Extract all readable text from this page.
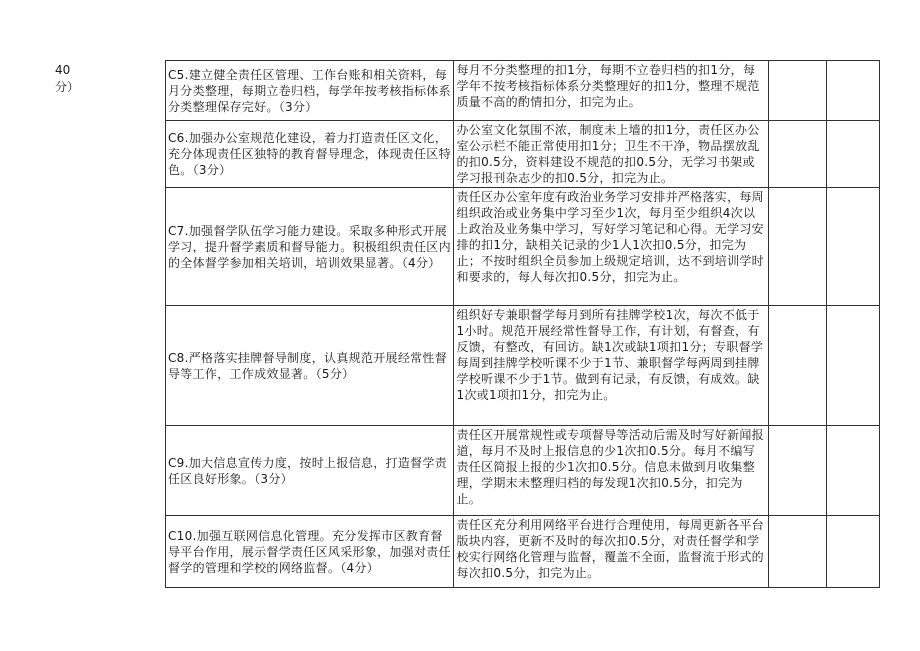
40
分）
C5.建立健全责任区管理、工作台账和相关资料，每月分类整理，每期立卷归档，每学年按考核指标体系分类整理保存完好。（3分）	每月不分类整理的扣1分，每期不立卷归档的扣1分，每学年不按考核指标体系分类整理好的扣1分，整理不规范质量不高的酌情扣分，扣完为止。		
C6.加强办公室规范化建设，着力打造责任区文化，充分体现责任区独特的教育督导理念，体现责任区特色。（3分）	办公室文化氛围不浓，制度未上墙的扣1分，责任区办公室公示栏不能正常使用扣1分；卫生不干净，物品摆放乱的扣0.5分，资料建设不规范的扣0.5分，无学习书架或学习报刊杂志少的扣0.5分，扣完为止。		
C7.加强督学队伍学习能力建设。采取多种形式开展学习，提升督学素质和督导能力。积极组织责任区内的全体督学参加相关培训，培训效果显著。（4分）	责任区办公室年度有政治业务学习安排并严格落实，每周组织政治或业务集中学习至少1次，每月至少组织4次以上政治及业务集中学习，写好学习笔记和心得。无学习安排的扣1分，缺相关记录的少1人1次扣0.5分，扣完为止；不按时组织全员参加上级规定培训，达不到培训学时和要求的，每人每次扣0.5分，扣完为止。		
C8.严格落实挂牌督导制度，认真规范开展经常性督导等工作，工作成效显著。（5分）	组织好专兼职督学每月到所有挂牌学校1次，每次不低于1小时。规范开展经常性督导工作，有计划，有督查，有反馈，有整改，有回访。缺1次或缺1项扣1分；专职督学每周到挂牌学校听课不少于1节、兼职督学每两周到挂牌学校听课不少于1节。做到有记录，有反馈，有成效。缺1次或1项扣1分，扣完为止。		
C9.加大信息宣传力度，按时上报信息，打造督学责任区良好形象。（3分）	责任区开展常规性或专项督导等活动后需及时写好新闻报道，每月不及时上报信息的少1次扣0.5分。每月不编写责任区简报上报的少1次扣0.5分。信息未做到月收集整理，学期末未整理归档的每发现1次扣0.5分，扣完为止。		
C10.加强互联网信息化管理。充分发挥市区教育督导平台作用，展示督学责任区风采形象，加强对责任督学的管理和学校的网络监督。（4分）	责任区充分利用网络平台进行合理使用，每周更新各平台版块内容，更新不及时的每次扣0.5分，对责任督学和学校实行网络化管理与监督，覆盖不全面，监督流于形式的每次扣0.5分，扣完为止。		
